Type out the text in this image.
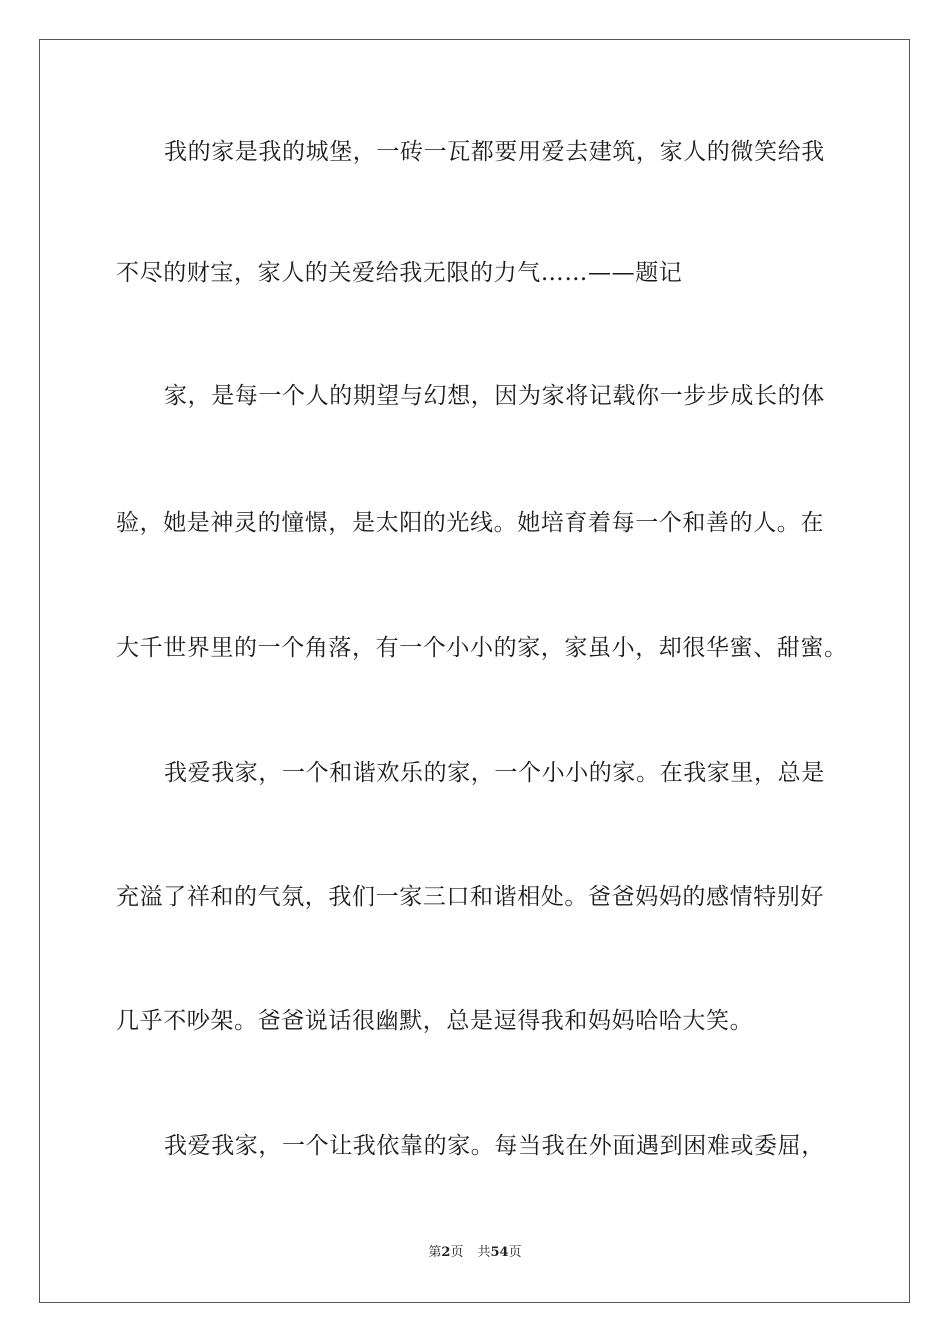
我的家是我的城堡，一砖一瓦都要用爱去建筑，家人的微笑给我
不尽的财宝，家人的关爱给我无限的力气……——题记
家，是每一个人的期望与幻想，因为家将记载你一步步成长的体
验，她是神灵的憧憬，是太阳的光线。她培育着每一个和善的人。在
大千世界里的一个角落，有一个小小的家，家虽小，却很华蜜、甜蜜。
我爱我家，一个和谐欢乐的家，一个小小的家。在我家里，总是
充溢了祥和的气氛，我们一家三口和谐相处。爸爸妈妈的感情特别好
几乎不吵架。爸爸说话很幽默，总是逗得我和妈妈哈哈大笑。
我爱我家，一个让我依靠的家。每当我在外面遇到困难或委屈，
第2页 共54页
